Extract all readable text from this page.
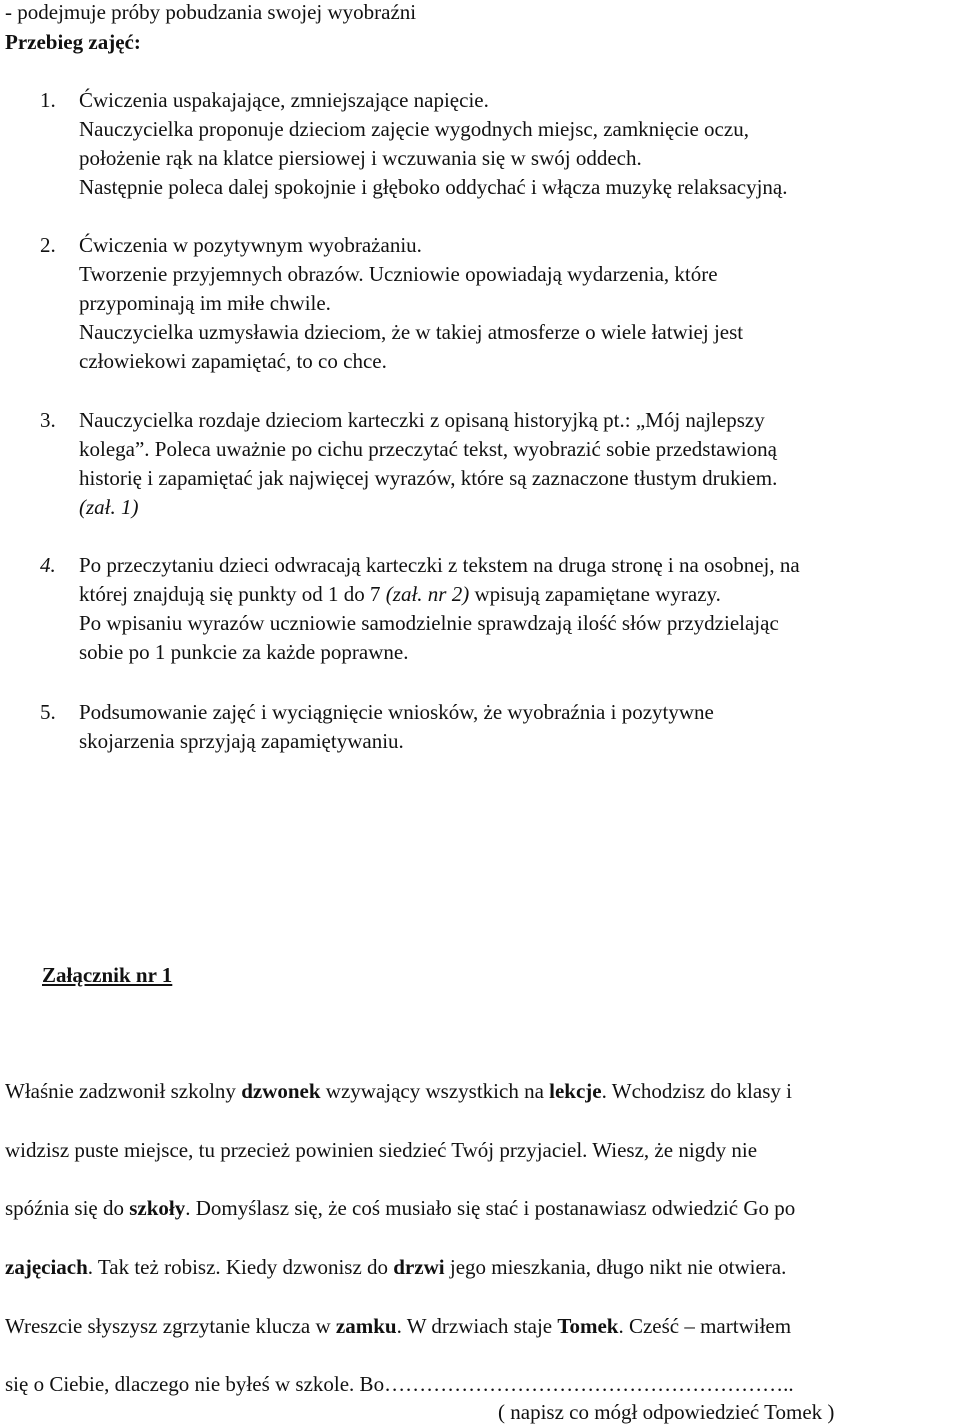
- podejmuje próby pobudzania swojej wyobraźni
Przebieg zajęć:
1. Ćwiczenia uspakajające, zmniejszające napięcie.
Nauczycielka proponuje dzieciom zajęcie wygodnych miejsc, zamknięcie oczu,
położenie rąk na klatce piersiowej i wczuwania się w swój oddech.
Następnie poleca dalej spokojnie i głęboko oddychać i włącza muzykę relaksacyjną.
2. Ćwiczenia w pozytywnym wyobrażaniu.
Tworzenie przyjemnych obrazów. Uczniowie opowiadają wydarzenia, które
przypominają im miłe chwile.
Nauczycielka uzmysławia dzieciom, że w takiej atmosferze o wiele łatwiej jest
człowiekowi zapamiętać, to co chce.
3. Nauczycielka rozdaje dzieciom karteczki z opisaną historyjką pt.: „Mój najlepszy
kolega”. Poleca uważnie po cichu przeczytać tekst, wyobrazić sobie przedstawioną
historię i zapamiętać jak najwięcej wyrazów, które są zaznaczone tłustym drukiem.
(zał. 1)
4. Po przeczytaniu dzieci odwracają karteczki z tekstem na druga stronę i na osobnej, na
której znajdują się punkty od 1 do 7 (zał. nr 2) wpisują zapamiętane wyrazy.
Po wpisaniu wyrazów uczniowie samodzielnie sprawdzają ilość słów przydzielając
sobie po 1 punkcie za każde poprawne.
5. Podsumowanie zajęć i wyciągnięcie wniosków, że wyobraźnia i pozytywne
skojarzenia sprzyjają zapamiętywaniu.
Załącznik nr 1
Właśnie zadzwonił szkolny dzwonek wzywający wszystkich na lekcje. Wchodzisz do klasy i
widzisz puste miejsce, tu przecież powinien siedzieć Twój przyjaciel. Wiesz, że nigdy nie
spóźnia się do szkoły. Domyślasz się, że coś musiało się stać i postanawiasz odwiedzić Go po
zajęciach. Tak też robisz. Kiedy dzwonisz do drzwi jego mieszkania, długo nikt nie otwiera.
Wreszcie słyszysz zgrzytanie klucza w zamku. W drzwiach staje Tomek. Cześć – martwiłem
się o Ciebie, dlaczego nie byłeś w szkole. Bo…………………………………………………..
( napisz co mógł odpowiedzieć Tomek )
